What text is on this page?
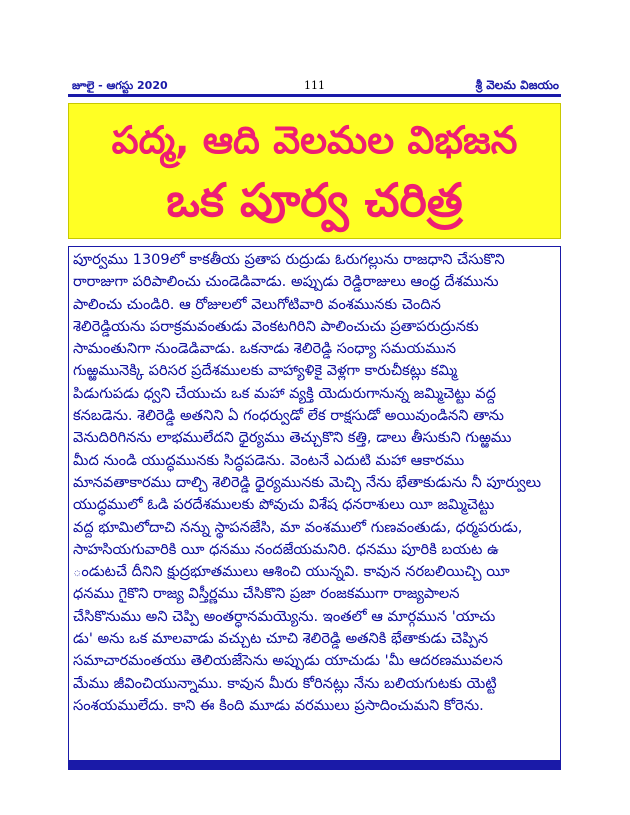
జూలై - ఆగస్టు 2020	111	శ్రీ వెలమ విజయం
పద్మ, ఆది వెలమల విభజన
ఒక పూర్వ చరిత్ర
పూర్వము 1309లో కాకతీయ ప్రతాప రుద్రుడు ఓరుగల్లును రాజధాని చేసుకొని
రారాజుగా పరిపాలించు చుండెడివాడు. అప్పుడు రెడ్డిరాజులు ఆంధ్ర దేశమును
పాలించు చుండిరి. ఆ రోజులలో వెలుగోటివారి వంశమునకు చెందిన
శెలిరెడ్డియను పరాక్రమవంతుడు వెంకటగిరిని పాలించుచు ప్రతాపరుద్రునకు
సామంతునిగా నుండెడివాడు. ఒకనాడు శెలిరెడ్డి సంధ్యా సమయమున
గుఱ్ఱమునెక్కి పరిసర ప్రదేశములకు వాహ్యాళికై వెళ్లగా కారుచీకట్లు కమ్మి
పిడుగుపడు ధ్వని చేయుచు ఒక మహా వ్యక్తి యెదురుగానున్న జమ్మిచెట్టు వద్ద
కనబడెను. శెలిరెడ్డి అతనిని ఏ గంధర్వుడో లేక రాక్షసుడో అయివుండినని తాను
వెనుదిరిగినను లాభములేదని ధైర్యము తెచ్చుకొని కత్తి, డాలు తీసుకుని గుఱ్ఱము
మీద నుండి యుద్ధమునకు సిద్ధపడెను. వెంటనే ఎదుటి మహా ఆకారము
మానవతాకారము దాల్చి శెలిరెడ్డి ధైర్యమునకు మెచ్చి నేను భేతాకుడును నీ పూర్వులు
యుద్ధములో ఓడి పరదేశములకు పోవుచు విశేష ధనరాశులు యీ జమ్మిచెట్టు
వద్ద భూమిలోదాచి నన్ను స్థాపనజేసి, మా వంశములో గుణవంతుడు, ధర్మపరుడు,
సాహసియగువారికి యీ ధనము నందజేయమనిరి. ధనము పూరికి బయట ఉ
ండుటచే దీనిని క్షుద్రభూతములు ఆశించి యున్నవి. కావున నరబలియిచ్చి యీ
ధనము గైకొని రాజ్య విస్తీర్ణము చేసికొని ప్రజా రంజకముగా రాజ్యపాలన
చేసికొనుము అని చెప్పి అంతర్ధానమయ్యెను. ఇంతలో ఆ మార్గమున 'యాచు
డు' అను ఒక మాలవాడు వచ్చుట చూచి శెలిరెడ్డి అతనికి భేతాకుడు చెప్పిన
సమాచారమంతయు తెలియజేసెను అప్పుడు యాచుడు 'మీ ఆదరణమువలన
మేము జీవించియున్నాము. కావున మీరు కోరినట్లు నేను బలియగుటకు యెట్టి
సంశయములేదు. కాని ఈ కింది మూడు వరములు ప్రసాదించుమని కోరెను.
